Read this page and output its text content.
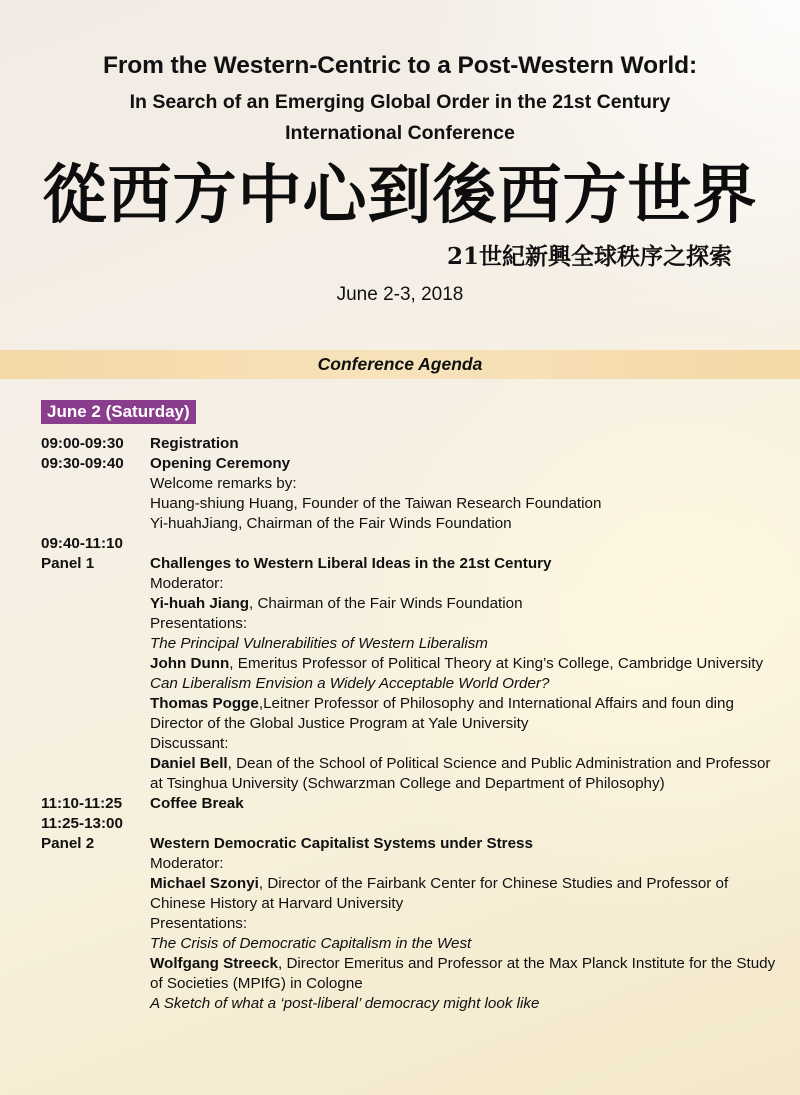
From the Western-Centric to a Post-Western World:
In Search of an Emerging Global Order in the 21st Century
International Conference
從西方中心到後西方世界
21世紀新興全球秩序之探索
June 2-3, 2018
Conference Agenda
June 2 (Saturday)
09:00-09:30 Registration
09:30-09:40 Opening Ceremony
Welcome remarks by:
Huang-shiung Huang, Founder of the Taiwan Research Foundation
Yi-huahJiang, Chairman of the Fair Winds Foundation
09:40-11:10

Panel 1	Challenges to Western Liberal Ideas in the 21st Century
Moderator:
Yi-huah Jiang, Chairman of the Fair Winds Foundation
Presentations:
The Principal Vulnerabilities of Western Liberalism
John Dunn, Emeritus Professor of Political Theory at King’s College, Cambridge University
Can Liberalism Envision a Widely Acceptable World Order?
Thomas Pogge,Leitner Professor of Philosophy and International Affairs and foun ding Director of the Global Justice Program at Yale University
Discussant:
Daniel Bell, Dean of the School of Political Science and Public Administration and Professor at Tsinghua University (Schwarzman College and Department of Philosophy)
11:10-11:25 Coffee Break
11:25-13:00

Panel 2	Western Democratic Capitalist Systems under Stress
Moderator:
Michael Szonyi, Director of the Fairbank Center for Chinese Studies and Professor of Chinese History at Harvard University
Presentations:
The Crisis of Democratic Capitalism in the West
Wolfgang Streeck, Director Emeritus and Professor at the Max Planck Institute for the Study of Societies (MPIfG) in Cologne
A Sketch of what a ‘post-liberal’ democracy might look like
